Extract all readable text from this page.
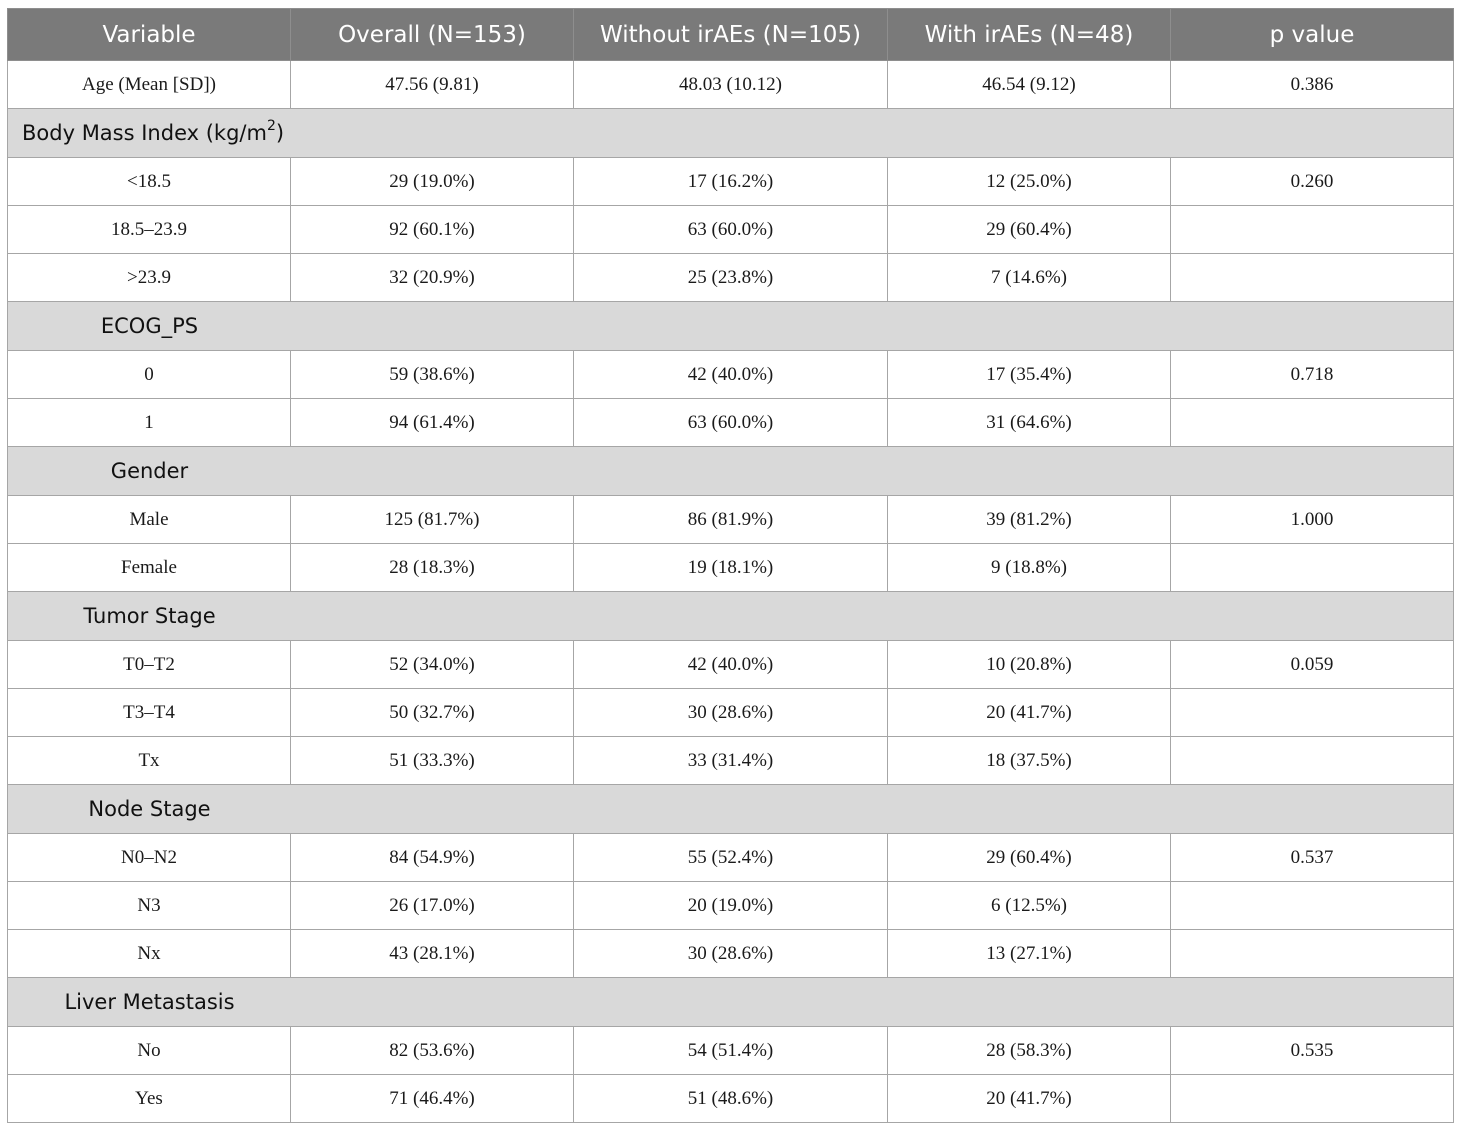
Variable	Overall (N=153)	Without irAEs (N=105)	With irAEs (N=48)	p value
Age (Mean [SD])	47.56 (9.81)	48.03 (10.12)	46.54 (9.12)	0.386
Body Mass Index $(kg/m^2)$				
<18.5	29 (19.0%)	17 (16.2%)	12 (25.0%)	0.260
18.5–23.9	92 (60.1%)	63 (60.0%)	29 (60.4%)	
>23.9	32 (20.9%)	25 (23.8%)	7 (14.6%)	
ECOG_PS				
0	59 (38.6%)	42 (40.0%)	17 (35.4%)	0.718
1	94 (61.4%)	63 (60.0%)	31 (64.6%)	
Gender				
Male	125 (81.7%)	86 (81.9%)	39 (81.2%)	1.000
Female	28 (18.3%)	19 (18.1%)	9 (18.8%)	
Tumor Stage				
T0–T2	52 (34.0%)	42 (40.0%)	10 (20.8%)	0.059
T3–T4	50 (32.7%)	30 (28.6%)	20 (41.7%)	
Tx	51 (33.3%)	33 (31.4%)	18 (37.5%)	
Node Stage				
N0–N2	84 (54.9%)	55 (52.4%)	29 (60.4%)	0.537
N3	26 (17.0%)	20 (19.0%)	6 (12.5%)	
Nx	43 (28.1%)	30 (28.6%)	13 (27.1%)	
Liver Metastasis				
No	82 (53.6%)	54 (51.4%)	28 (58.3%)	0.535
Yes	71 (46.4%)	51 (48.6%)	20 (41.7%)	
